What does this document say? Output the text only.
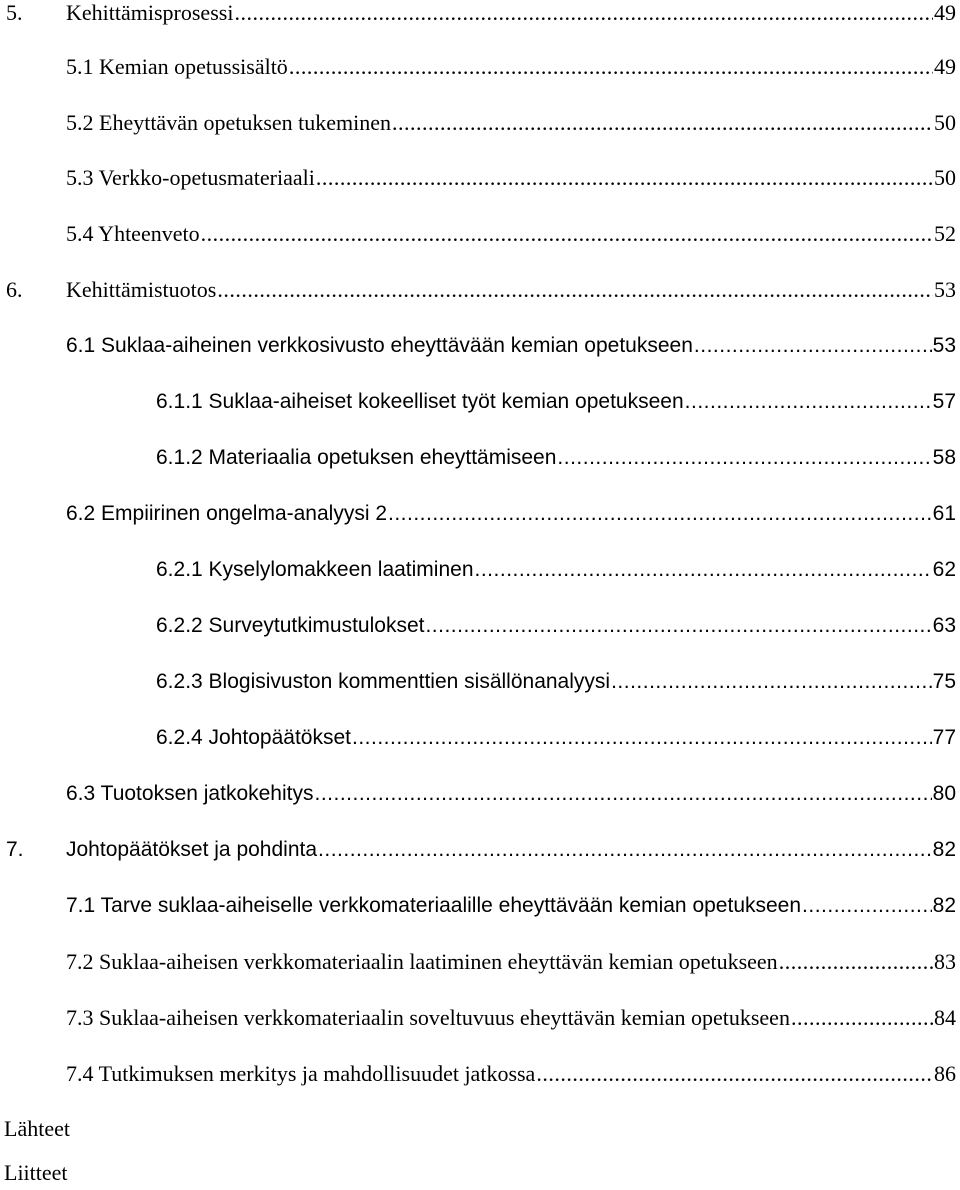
5. Kehittämisprosessi .....	49
5.1 Kemian opetussisältö .....	49
5.2 Eheyttävän opetuksen tukeminen .....	50
5.3 Verkko-opetusmateriaali .....	50
5.4 Yhteenveto .....	52
6. Kehittämistuotos .....	53
6.1 Suklaa-aiheinen verkkosivusto eheyttävään kemian opetukseen .....	53
6.1.1 Suklaa-aiheiset kokeelliset työt kemian opetukseen .....	57
6.1.2 Materiaalia opetuksen eheyttämiseen .....	58
6.2 Empiirinen ongelma-analyysi 2 .....	61
6.2.1 Kyselylomakkeen laatiminen .....	62
6.2.2 Surveytutkimustulokset .....	63
6.2.3 Blogisivuston kommenttien sisällönanalyysi .....	75
6.2.4 Johtopäätökset .....	77
6.3 Tuotoksen jatkokehitys .....	80
7. Johtopäätökset ja pohdinta .....	82
7.1 Tarve suklaa-aiheiselle verkkomateriaalille eheyttävään kemian opetukseen .....	82
7.2 Suklaa-aiheisen verkkomateriaalin laatiminen eheyttävän kemian opetukseen .....	83
7.3 Suklaa-aiheisen verkkomateriaalin soveltuvuus eheyttävän kemian opetukseen .....	84
7.4 Tutkimuksen merkitys ja mahdollisuudet jatkossa .....	86
Lähteet
Liitteet
